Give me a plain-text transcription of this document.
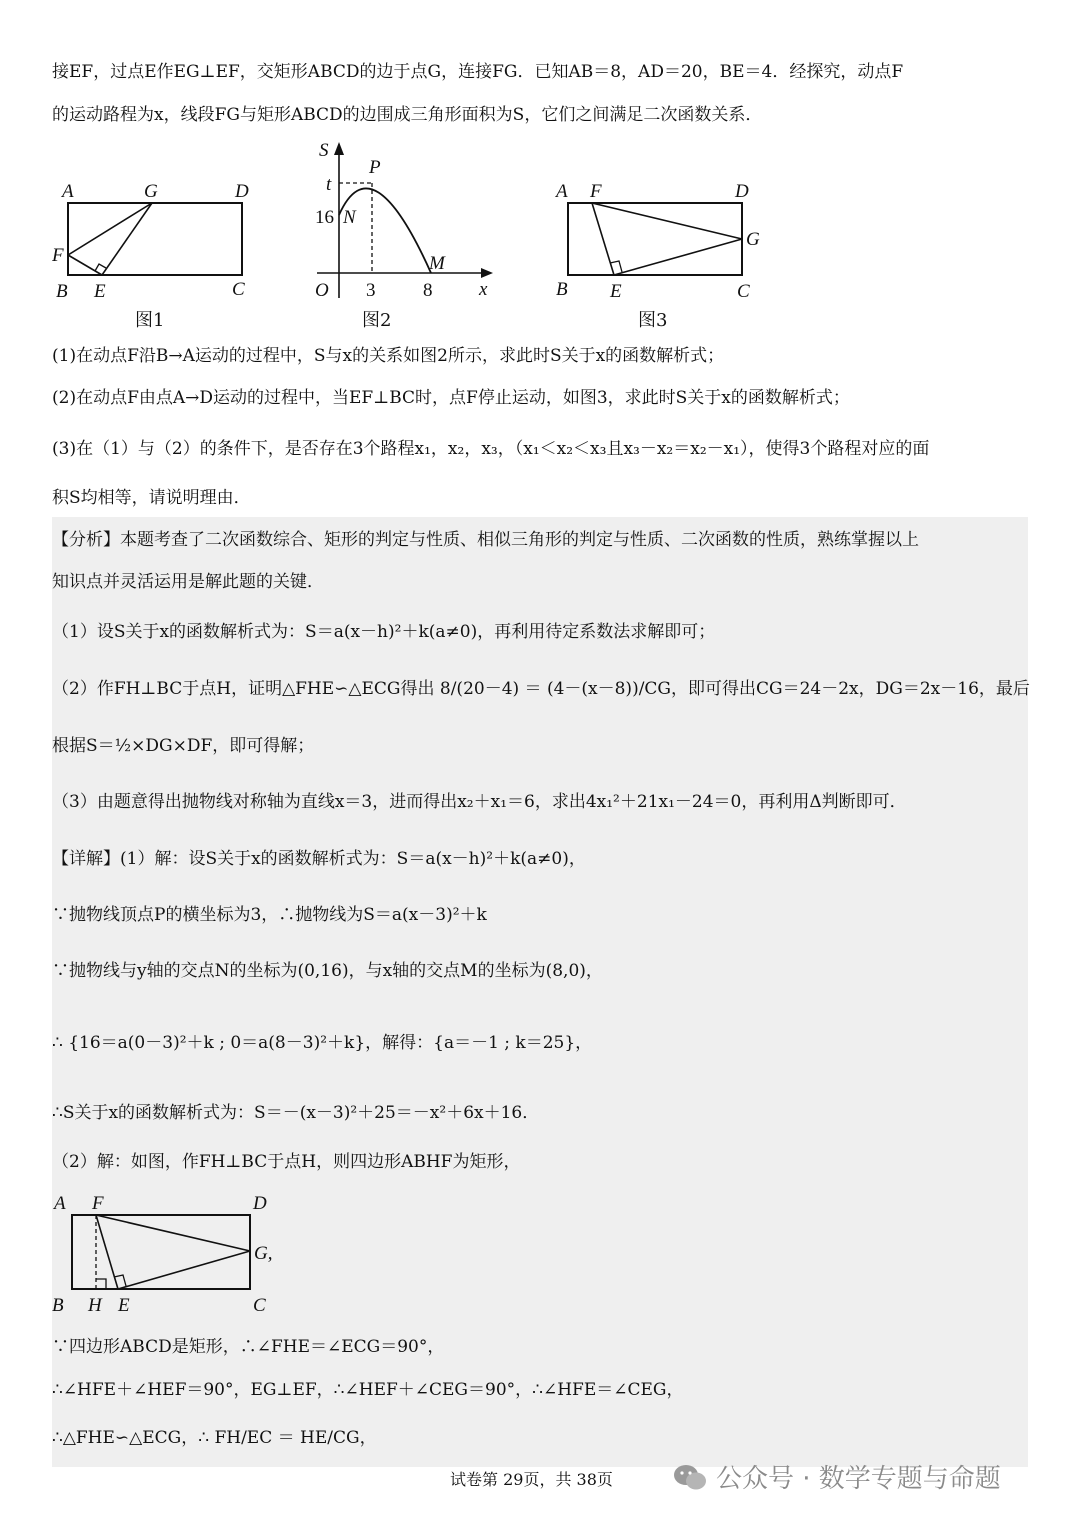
接EF，过点E作EG⊥EF，交矩形ABCD的边于点G，连接FG．已知AB＝8，AD＝20，BE＝4．经探究，动点F
的运动路程为x，线段FG与矩形ABCD的边围成三角形面积为S，它们之间满足二次函数关系．
A	G	D
F
B E	C
图1
S
x
O
P
t
16 N
M
3	8
图2
A F	D
G
B E	C
图3
(1)在动点F沿B→A运动的过程中，S与x的关系如图2所示，求此时S关于x的函数解析式；
(2)在动点F由点A→D运动的过程中，当EF⊥BC时，点F停止运动，如图3，求此时S关于x的函数解析式；
(3)在（1）与（2）的条件下，是否存在3个路程x₁，x₂，x₃，（x₁＜x₂＜x₃且x₃－x₂＝x₂－x₁），使得3个路程对应的面
积S均相等，请说明理由．
【分析】本题考查了二次函数综合、矩形的判定与性质、相似三角形的判定与性质、二次函数的性质，熟练掌握以上
知识点并灵活运用是解此题的关键．
（1）设S关于x的函数解析式为：S＝a(x－h)²＋k(a≠0)，再利用待定系数法求解即可；
（2）作FH⊥BC于点H，证明△FHE∽△ECG得出 8/(20－4) ＝ (4－(x－8))/CG，即可得出CG＝24－2x，DG＝2x－16，最后
根据S＝½×DG×DF，即可得解；
（3）由题意得出抛物线对称轴为直线x＝3，进而得出x₂＋x₁＝6，求出4x₁²＋21x₁－24＝0，再利用Δ判断即可．
【详解】(1）解：设S关于x的函数解析式为：S＝a(x－h)²＋k(a≠0)，
∵抛物线顶点P的横坐标为3，∴抛物线为S＝a(x－3)²＋k
∵抛物线与y轴的交点N的坐标为(0,16)，与x轴的交点M的坐标为(8,0)，
∴ {16＝a(0－3)²＋k ; 0＝a(8－3)²＋k}，解得：{a＝－1 ; k＝25}，
∴S关于x的函数解析式为：S＝－(x－3)²＋25＝－x²＋6x＋16．
（2）解：如图，作FH⊥BC于点H，则四边形ABHF为矩形，
A F	D
G,
B H E	C
∵四边形ABCD是矩形，∴∠FHE＝∠ECG＝90°，
∴∠HFE＋∠HEF＝90°，EG⊥EF，∴∠HEF＋∠CEG＝90°，∴∠HFE＝∠CEG，
∴△FHE∽△ECG，∴ FH/EC ＝ HE/CG，
试卷第 29页，共 38页	公众号 · 数学专题与命题
